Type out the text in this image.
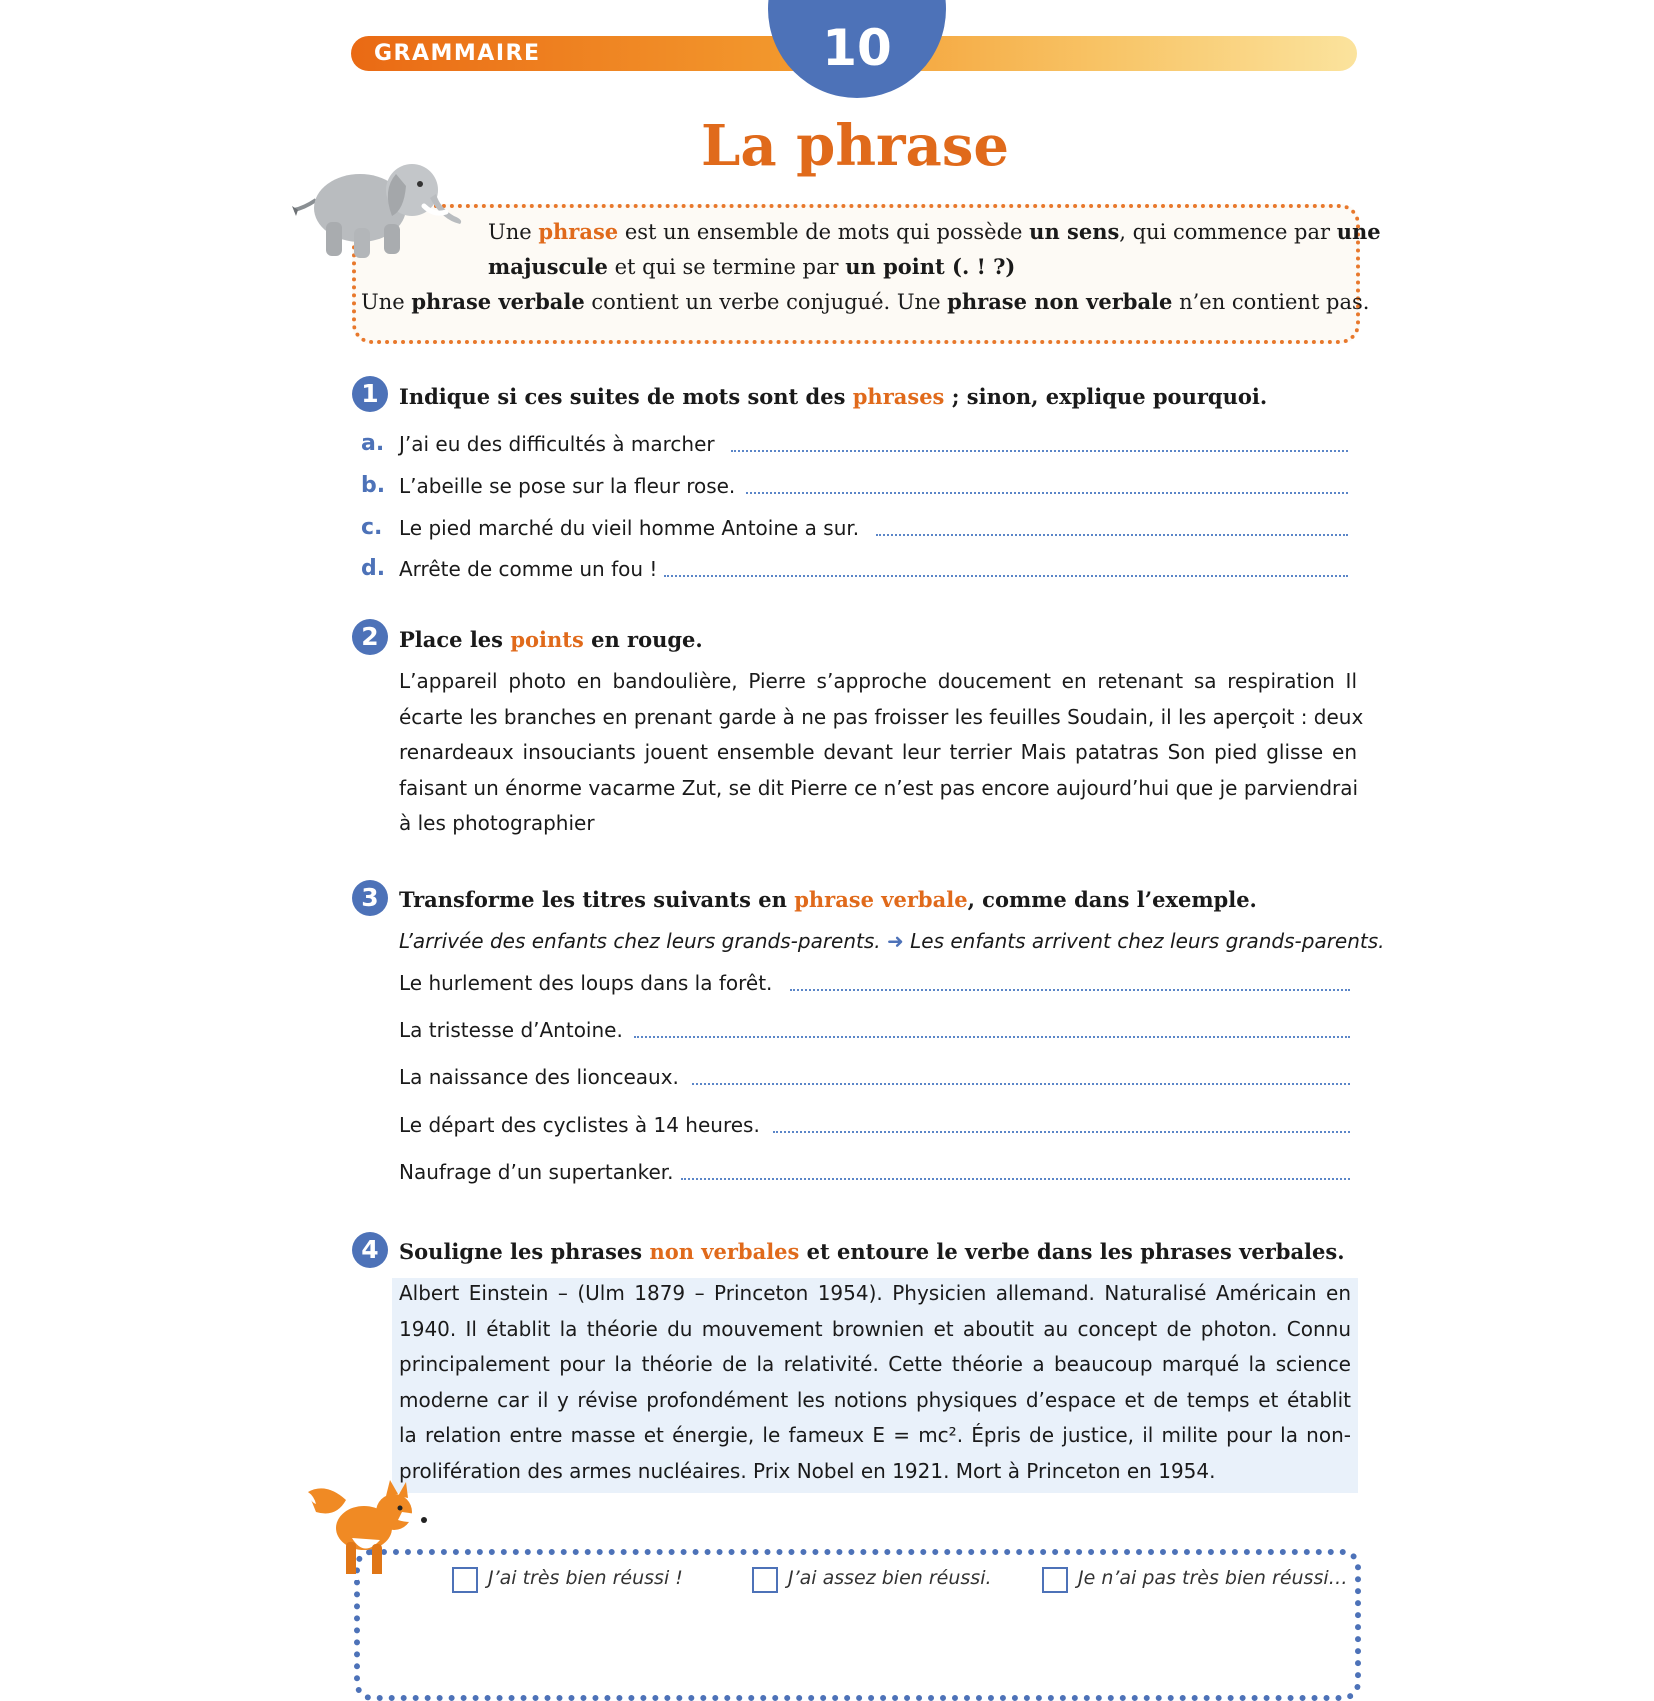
GRAMMAIRE	10
La phrase
Une phrase est un ensemble de mots qui possède un sens, qui commence par une
majuscule et qui se termine par un point (. ! ?)
Une phrase verbale contient un verbe conjugué. Une phrase non verbale n’en contient pas.
1 Indique si ces suites de mots sont des phrases ; sinon, explique pourquoi.
a. J’ai eu des difficultés à marcher
b. L’abeille se pose sur la fleur rose.
c. Le pied marché du vieil homme Antoine a sur.
d. Arrête de comme un fou !
2 Place les points en rouge.
L’appareil photo en bandoulière, Pierre s’approche doucement en retenant sa respiration Il
écarte les branches en prenant garde à ne pas froisser les feuilles Soudain, il les aperçoit : deux
renardeaux insouciants jouent ensemble devant leur terrier Mais patatras Son pied glisse en
faisant un énorme vacarme Zut, se dit Pierre ce n’est pas encore aujourd’hui que je parviendrai
à les photographier
3 Transforme les titres suivants en phrase verbale, comme dans l’exemple.
L’arrivée des enfants chez leurs grands-parents. ➜ Les enfants arrivent chez leurs grands-parents.
Le hurlement des loups dans la forêt.
La tristesse d’Antoine.
La naissance des lionceaux.
Le départ des cyclistes à 14 heures.
Naufrage d’un supertanker.
4 Souligne les phrases non verbales et entoure le verbe dans les phrases verbales.
Albert Einstein – (Ulm 1879 – Princeton 1954). Physicien allemand. Naturalisé Américain en
1940. Il établit la théorie du mouvement brownien et aboutit au concept de photon. Connu
principalement pour la théorie de la relativité. Cette théorie a beaucoup marqué la science
moderne car il y révise profondément les notions physiques d’espace et de temps et établit
la relation entre masse et énergie, le fameux E = mc². Épris de justice, il milite pour la non-
prolifération des armes nucléaires. Prix Nobel en 1921. Mort à Princeton en 1954.
J’ai très bien réussi !	J’ai assez bien réussi.	Je n’ai pas très bien réussi…
